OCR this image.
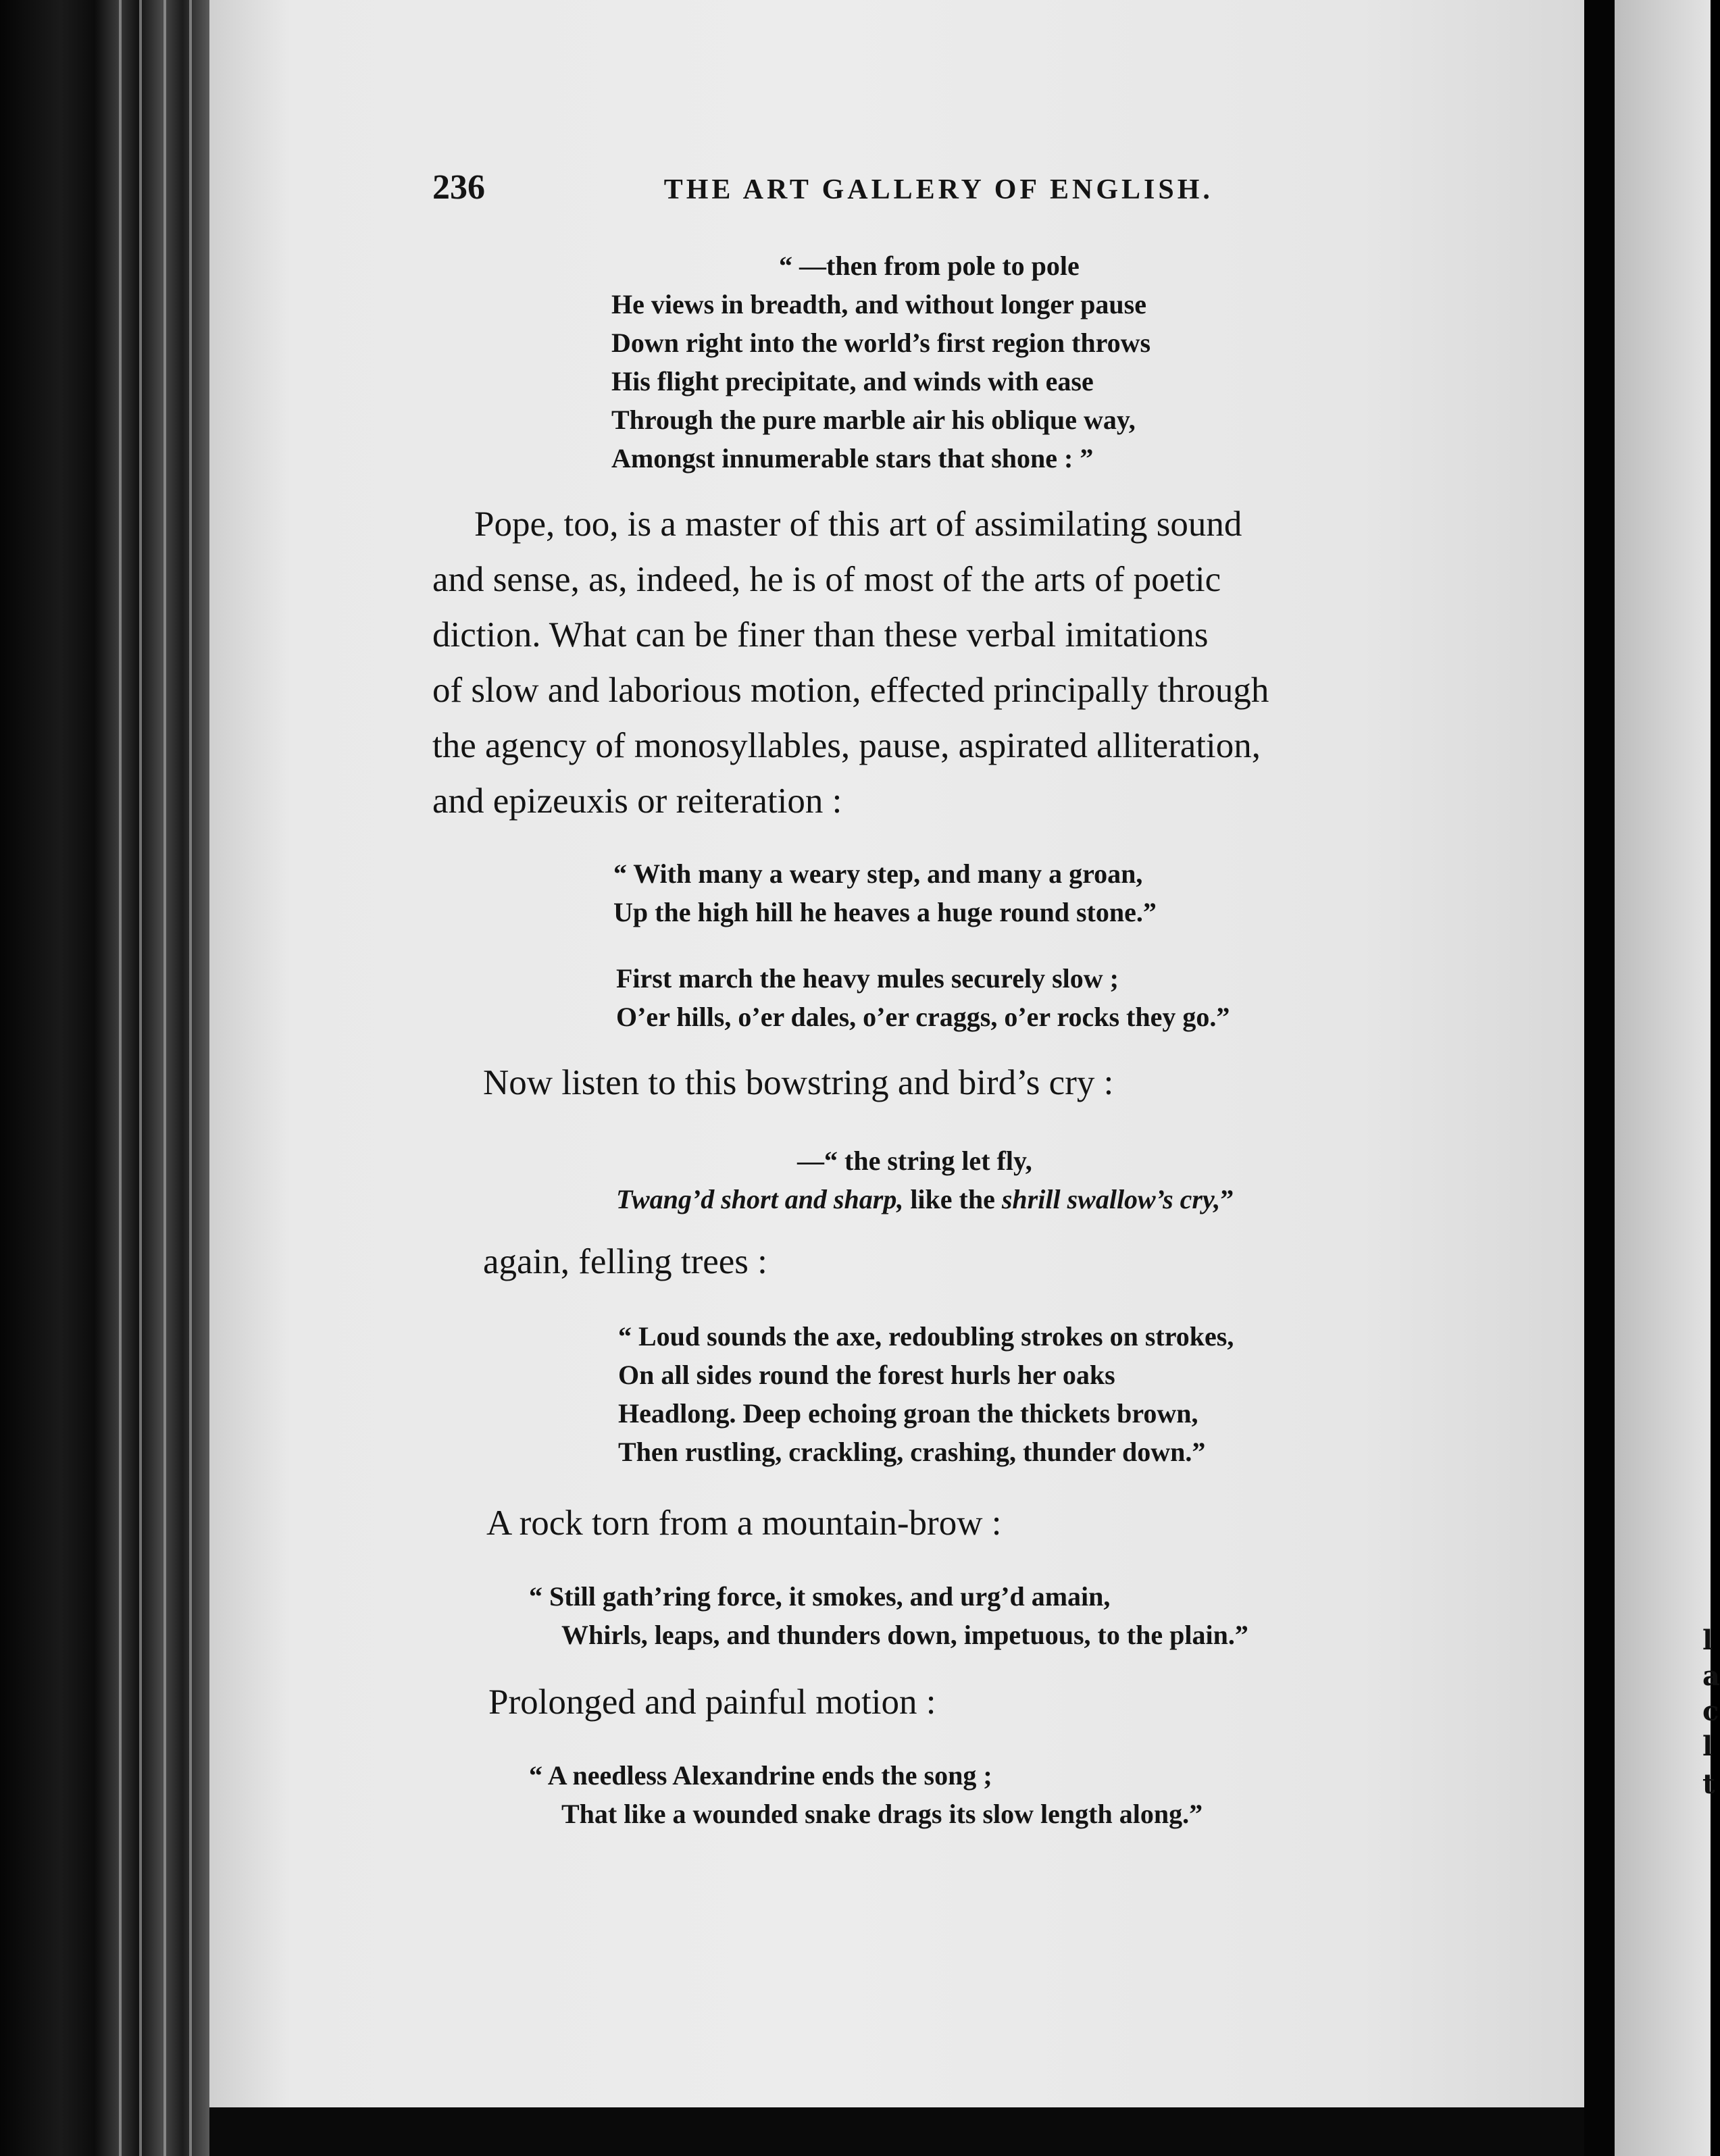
l
a
c
l
t
236	THE ART GALLERY OF ENGLISH.
“ —then from pole to pole
He views in breadth, and without longer pause
Down right into the world’s first region throws
His flight precipitate, and winds with ease
Through the pure marble air his oblique way,
Amongst innumerable stars that shone : ”
Pope, too, is a master of this art of assimilating sound
and sense, as, indeed, he is of most of the arts of poetic
diction. What can be finer than these verbal imitations
of slow and laborious motion, effected principally through
the agency of monosyllables, pause, aspirated alliteration,
and epizeuxis or reiteration :
“ With many a weary step, and many a groan,
Up the high hill he heaves a huge round stone.”
First march the heavy mules securely slow ;
O’er hills, o’er dales, o’er craggs, o’er rocks they go.”
Now listen to this bowstring and bird’s cry :
—“ the string let fly,
Twang’d short and sharp, like the shrill swallow’s cry,”
again, felling trees :
“ Loud sounds the axe, redoubling strokes on strokes,
On all sides round the forest hurls her oaks
Headlong. Deep echoing groan the thickets brown,
Then rustling, crackling, crashing, thunder down.”
A rock torn from a mountain-brow :
“ Still gath’ring force, it smokes, and urg’d amain,
Whirls, leaps, and thunders down, impetuous, to the plain.”
Prolonged and painful motion :
“ A needless Alexandrine ends the song ;
That like a wounded snake drags its slow length along.”
